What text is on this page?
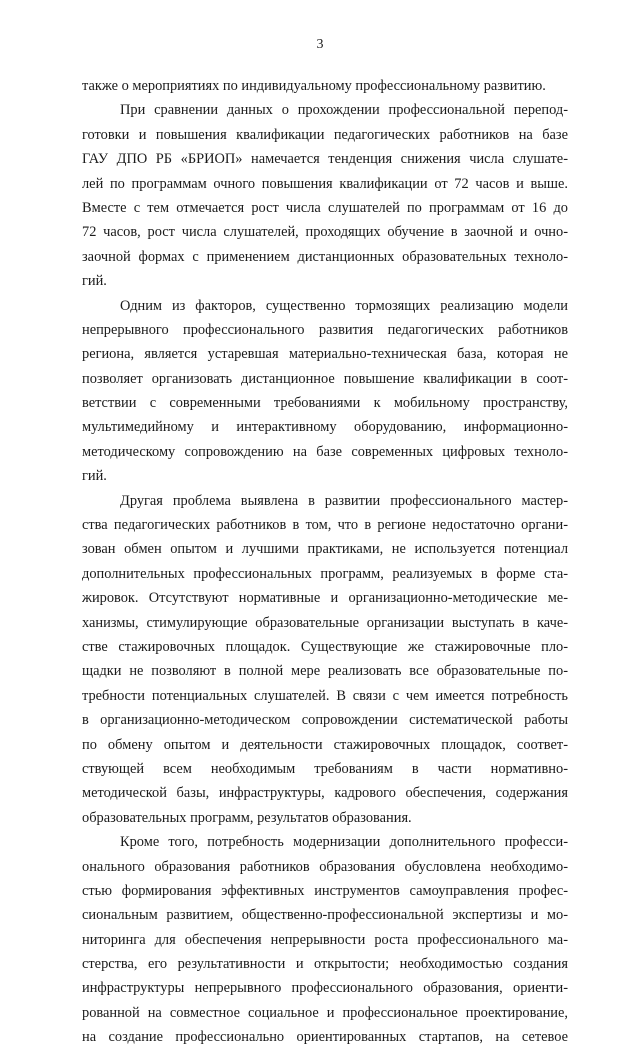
3
также о мероприятиях по индивидуальному профессиональному развитию.
При сравнении данных о прохождении профессиональной перепод-
готовки и повышения квалификации педагогических работников на базе
ГАУ ДПО РБ «БРИОП» намечается тенденция снижения числа слушате-
лей по программам очного повышения квалификации от 72 часов и выше.
Вместе с тем отмечается рост числа слушателей по программам от 16 до
72 часов, рост числа слушателей, проходящих обучение в заочной и очно-
заочной формах с применением дистанционных образовательных техноло-
гий.
Одним из факторов, существенно тормозящих реализацию модели
непрерывного профессионального развития педагогических работников
региона, является устаревшая материально-техническая база, которая не
позволяет организовать дистанционное повышение квалификации в соот-
ветствии с современными требованиями к мобильному пространству,
мультимедийному и интерактивному оборудованию, информационно-
методическому сопровождению на базе современных цифровых техноло-
гий.
Другая проблема выявлена в развитии профессионального мастер-
ства педагогических работников в том, что в регионе недостаточно органи-
зован обмен опытом и лучшими практиками, не используется потенциал
дополнительных профессиональных программ, реализуемых в форме ста-
жировок. Отсутствуют нормативные и организационно-методические ме-
ханизмы, стимулирующие образовательные организации выступать в каче-
стве стажировочных площадок. Существующие же стажировочные пло-
щадки не позволяют в полной мере реализовать все образовательные по-
требности потенциальных слушателей. В связи с чем имеется потребность
в организационно-методическом сопровождении систематической работы
по обмену опытом и деятельности стажировочных площадок, соответ-
ствующей всем необходимым требованиям в части нормативно-
методической базы, инфраструктуры, кадрового обеспечения, содержания
образовательных программ, результатов образования.
Кроме того, потребность модернизации дополнительного професси-
онального образования работников образования обусловлена необходимо-
стью формирования эффективных инструментов самоуправления профес-
сиональным развитием, общественно-профессиональной экспертизы и мо-
ниторинга для обеспечения непрерывности роста профессионального ма-
стерства, его результативности и открытости; необходимостью создания
инфраструктуры непрерывного профессионального образования, ориенти-
рованной на совместное социальное и профессиональное проектирование,
на создание профессионально ориентированных стартапов, на сетевое
